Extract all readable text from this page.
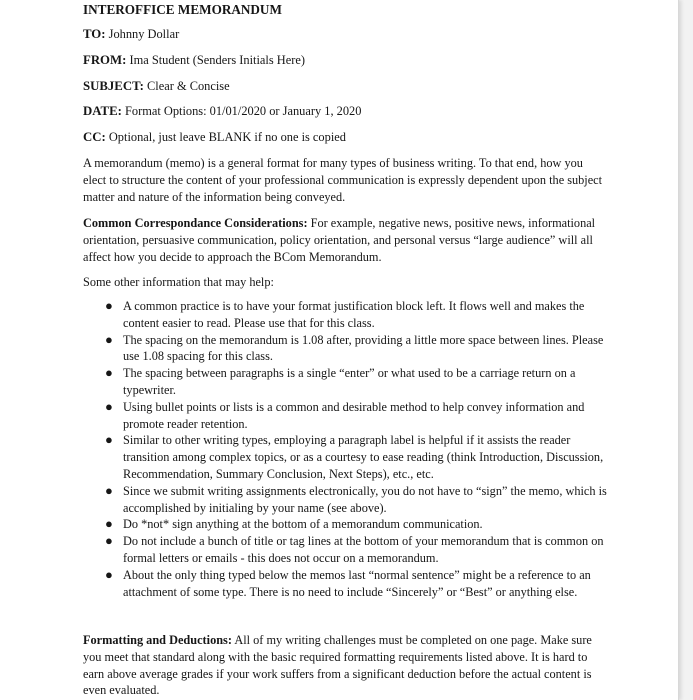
INTEROFFICE MEMORANDUM
TO: Johnny Dollar
FROM: Ima Student (Senders Initials Here)
SUBJECT: Clear & Concise
DATE: Format Options: 01/01/2020 or January 1, 2020
CC: Optional, just leave BLANK if no one is copied
A memorandum (memo) is a general format for many types of business writing. To that end, how you elect to structure the content of your professional communication is expressly dependent upon the subject matter and nature of the information being conveyed.
Common Correspondance Considerations: For example, negative news, positive news, informational orientation, persuasive communication, policy orientation, and personal versus “large audience” will all affect how you decide to approach the BCom Memorandum.
Some other information that may help:
● A common practice is to have your format justification block left. It flows well and makes the content easier to read. Please use that for this class.
● The spacing on the memorandum is 1.08 after, providing a little more space between lines. Please use 1.08 spacing for this class.
● The spacing between paragraphs is a single “enter” or what used to be a carriage return on a typewriter.
● Using bullet points or lists is a common and desirable method to help convey information and promote reader retention.
● Similar to other writing types, employing a paragraph label is helpful if it assists the reader transition among complex topics, or as a courtesy to ease reading (think Introduction, Discussion, Recommendation, Summary Conclusion, Next Steps), etc., etc.
● Since we submit writing assignments electronically, you do not have to “sign” the memo, which is accomplished by initialing by your name (see above).
● Do *not* sign anything at the bottom of a memorandum communication.
● Do not include a bunch of title or tag lines at the bottom of your memorandum that is common on formal letters or emails - this does not occur on a memorandum.
● About the only thing typed below the memos last “normal sentence” might be a reference to an attachment of some type. There is no need to include “Sincerely” or “Best” or anything else.
Formatting and Deductions: All of my writing challenges must be completed on one page. Make sure you meet that standard along with the basic required formatting requirements listed above. It is hard to earn above average grades if your work suffers from a significant deduction before the actual content is even evaluated.
